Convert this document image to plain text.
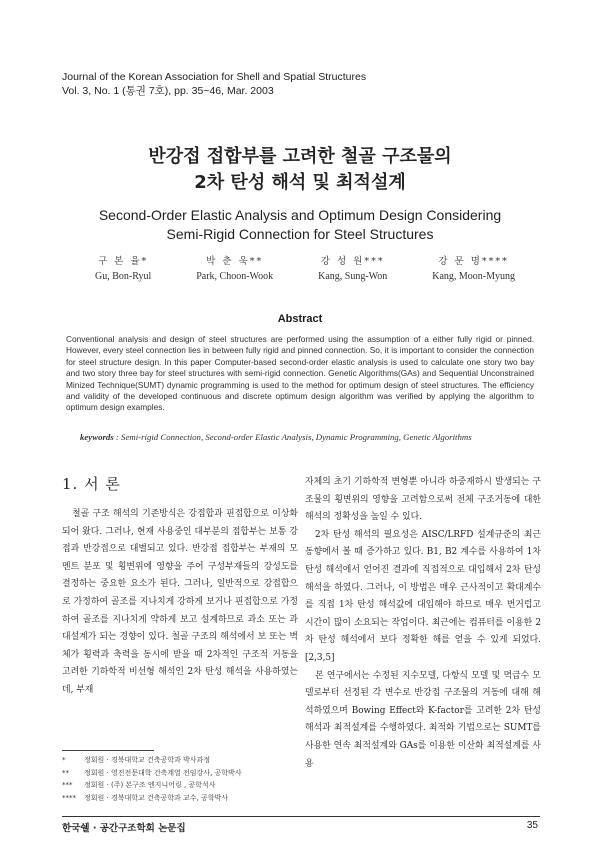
Journal of the Korean Association for Shell and Spatial Structures
Vol. 3, No. 1 (통권 7호), pp. 35~46, Mar. 2003
반강접 접합부를 고려한 철골 구조물의
2차 탄성 해석 및 최적설계
Second-Order Elastic Analysis and Optimum Design Considering
Semi-Rigid Connection for Steel Structures
구 본 율*
Gu, Bon-Ryul
박 춘 욱**
Park, Choon-Wook
강 성 원***
Kang, Sung-Won
강 문 명****
Kang, Moon-Myung
Abstract
Conventional analysis and design of steel structures are performed using the assumption of a either fully rigid or pinned. However, every steel connection lies in between fully rigid and pinned connection. So, it is important to consider the connection for steel structure design. In this paper Computer-based second-order elastic analysis is used to calculate one story two bay and two story three bay for steel structures with semi-rigid connection. Genetic Algorithms(GAs) and Sequential Unconstrained Minized Technique(SUMT) dynamic programming is used to the method for optimum design of steel structures. The efficiency and validity of the developed continuous and discrete optimum design algorithm was verified by applying the algorithm to optimum design examples.
keywords : Semi-rigid Connection, Second-order Elastic Analysis, Dynamic Programming, Genetic Algorithms
1. 서 론

철골 구조 해석의 기존방식은 강접합과 핀접합으로 이상화되어 왔다. 그러나, 현재 사용중인 대부분의 접합부는 보통 강접과 반강접으로 대별되고 있다. 반강접 접합부는 부재의 모멘트 분포 및 횡변위에 영향을 주어 구성부재들의 강성도를 결정하는 중요한 요소가 된다. 그러나, 일반적으로 강접합으로 가정하여 골조를 지나치게 강하게 보거나 핀접합으로 가정하여 골조를 지나치게 약하게 보고 설계하므로 과소 또는 과대설계가 되는 경향이 있다. 철골 구조의 해석에서 보 또는 벽체가 횡력과 축력을 동시에 받을 때 2차적인 구조적 거동을 고려한 기하학적 비선형 해석인 2차 탄성 해석을 사용하였는데, 부재

자체의 초기 기하학적 변형뿐 아니라 하중재하시 발생되는 구조물의 횡변위의 영향을 고려함으로써 전체 구조거동에 대한 해석의 정확성을 높일 수 있다.

2차 탄성 해석의 필요성은 AISC/LRFD 설계규준의 최근 동향에서 볼 때 증가하고 있다. B1, B2 계수를 사용하여 1차 탄성 해석에서 얻어진 결과에 직접적으로 대입해서 2차 탄성 해석을 하였다. 그러나, 이 방법은 매우 근사적이고 확대계수를 직접 1차 탄성 해석값에 대입해야 하므로 매우 번거럽고 시간이 많이 소요되는 작업이다. 최근에는 컴퓨터를 이용한 2차 탄성 해석에서 보다 정확한 해를 얻을 수 있게 되었다.[2,3,5]

본 연구에서는 수정된 지수모델, 다항식 모델 및 멱급수 모델로부터 선정된 각 변수로 반강접 구조물의 거동에 대해 해석하였으며 Bowing Effect와 K-factor를 고려한 2차 탄성 해석과 최적설계를 수행하였다. 최적화 기법으로는 SUMT를 사용한 연속 최적설계와 GAs를 이용한 이산화 최적설계를 사용

*	정회원 · 경북대학교 건축공학과 박사과정
**	정회원 · 영진전문대학 건축계열 전임강사, 공학박사
***	정회원 · (주) 본구조 엔지니어링 , 공학석사
****	정회원 · 경북대학교 건축공학과 교수, 공학박사
한국쉘 · 공간구조학회 논문집	35
